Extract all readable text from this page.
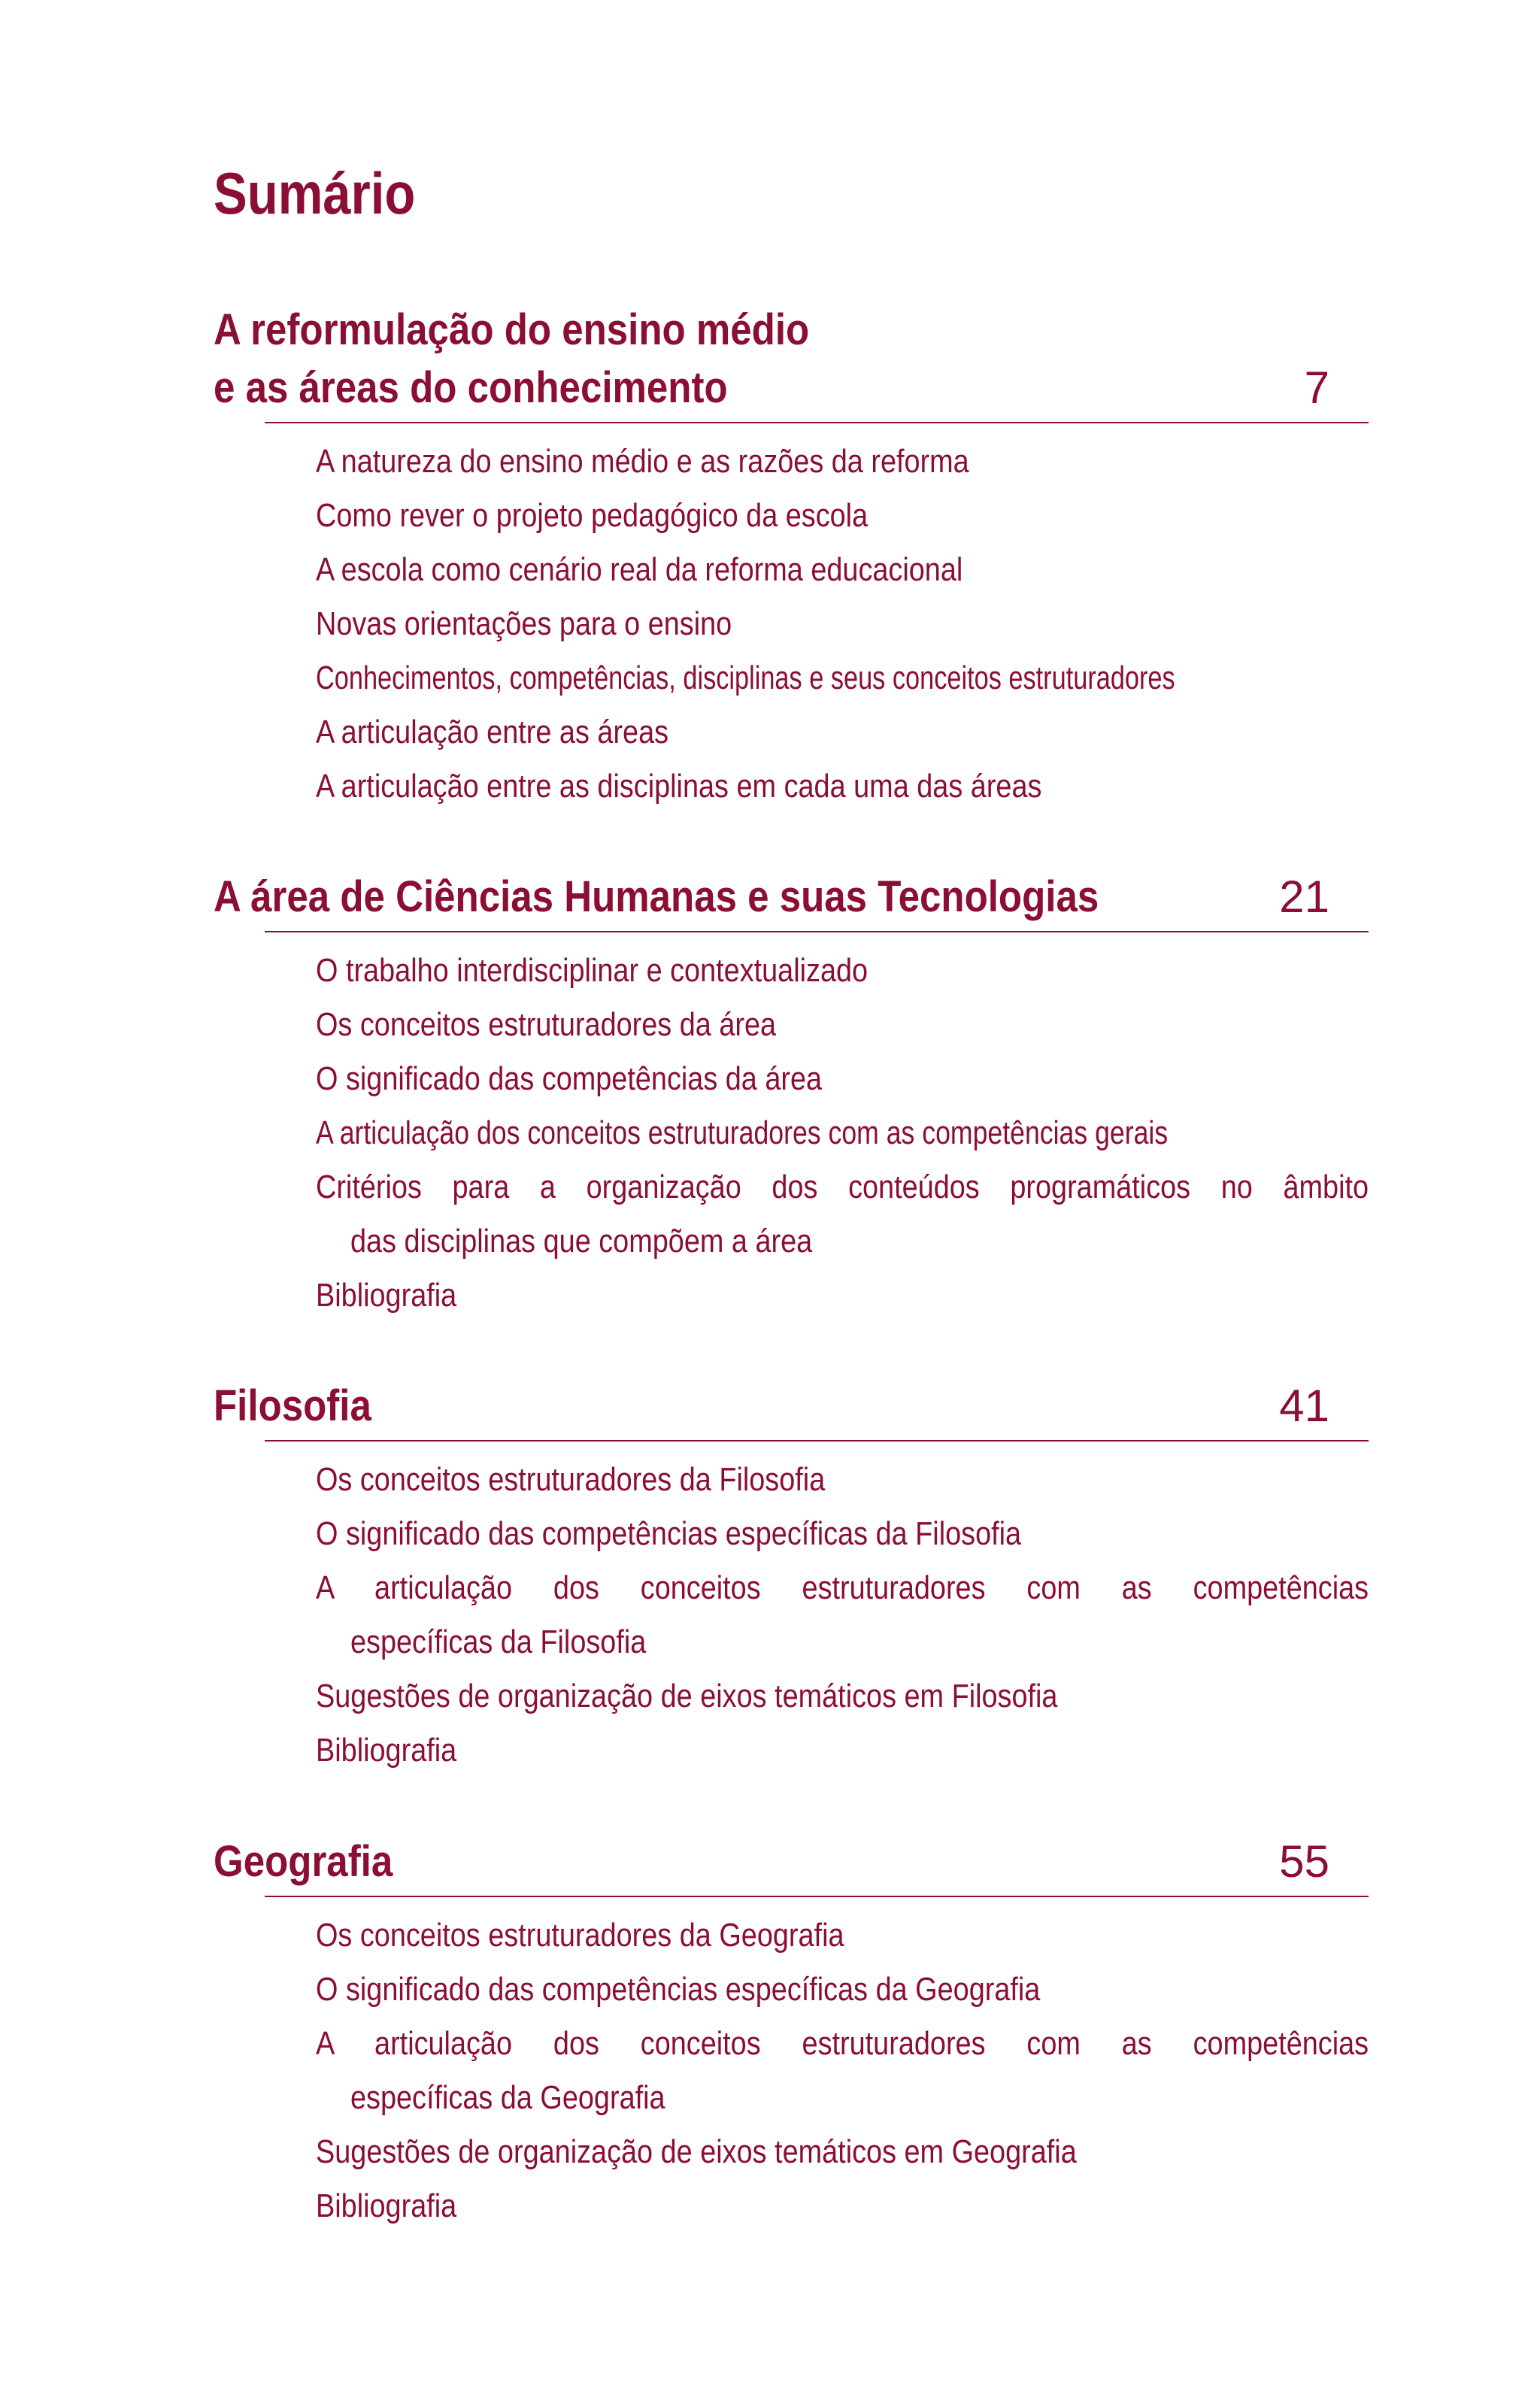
Sumário
A reformulação do ensino médio
e as áreas do conhecimento	7
A natureza do ensino médio e as razões da reforma
Como rever o projeto pedagógico da escola
A escola como cenário real da reforma educacional
Novas orientações para o ensino
Conhecimentos, competências, disciplinas e seus conceitos estruturadores
A articulação entre as áreas
A articulação entre as disciplinas em cada uma das áreas
A área de Ciências Humanas e suas Tecnologias	21
O trabalho interdisciplinar e contextualizado
Os conceitos estruturadores da área
O significado das competências da área
A articulação dos conceitos estruturadores com as competências gerais
Critérios para a organização dos conteúdos programáticos no âmbito
das disciplinas que compõem a área
Bibliografia
Filosofia	41
Os conceitos estruturadores da Filosofia
O significado das competências específicas da Filosofia
A articulação dos conceitos estruturadores com as competências
específicas da Filosofia
Sugestões de organização de eixos temáticos em Filosofia
Bibliografia
Geografia	55
Os conceitos estruturadores da Geografia
O significado das competências específicas da Geografia
A articulação dos conceitos estruturadores com as competências
específicas da Geografia
Sugestões de organização de eixos temáticos em Geografia
Bibliografia
